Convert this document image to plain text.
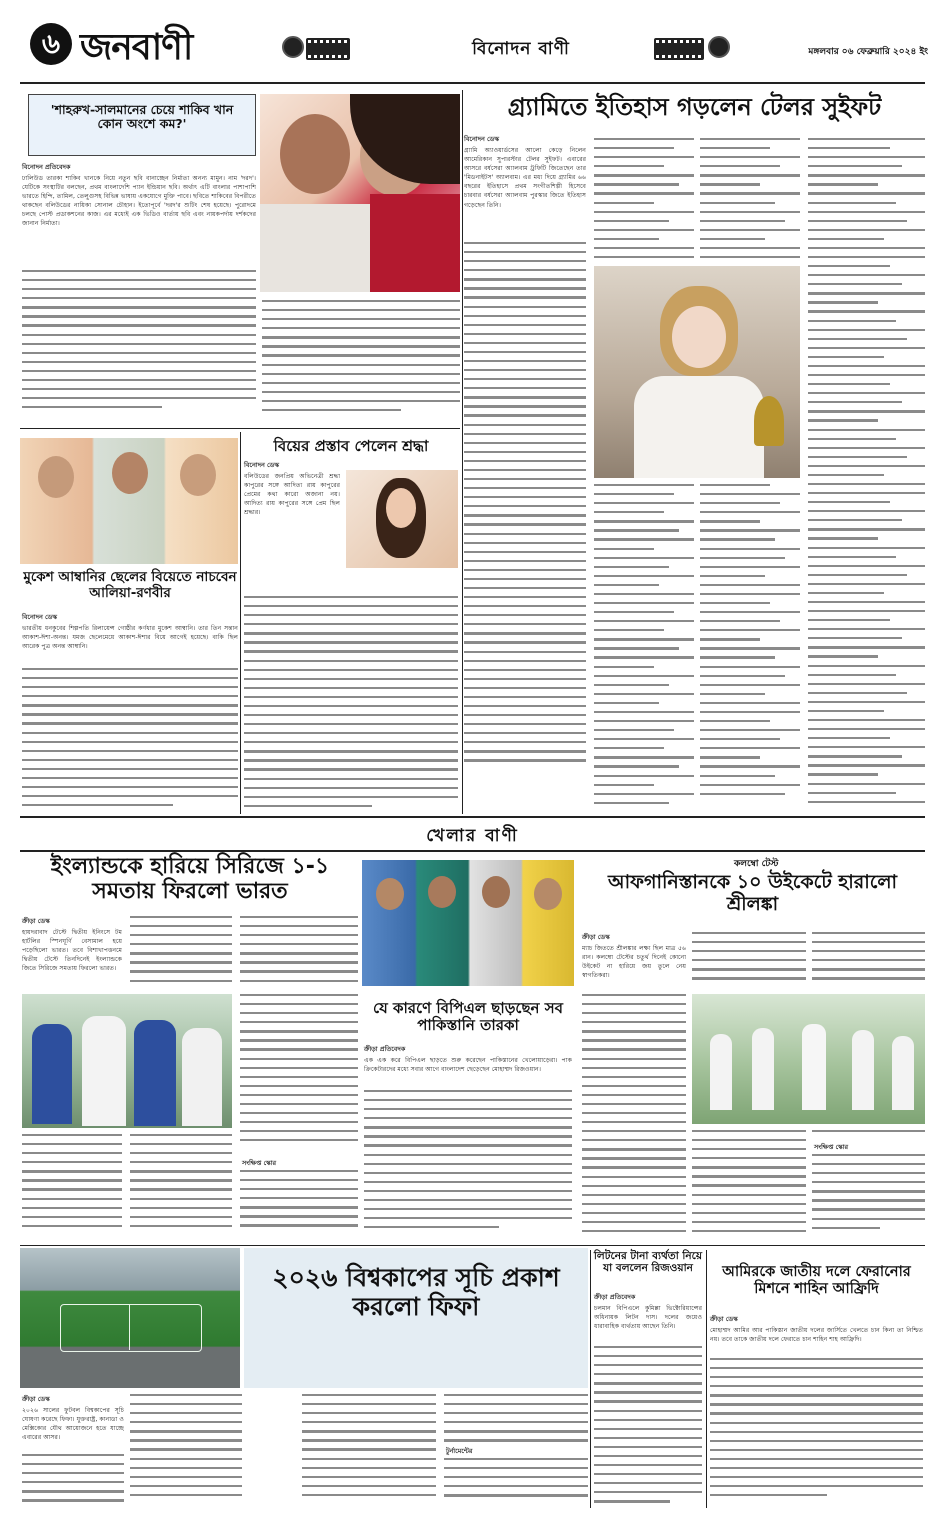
৬ জনবাণী	বিনোদন বাণী	মঙ্গলবার ০৬ ফেব্রুয়ারি ২০২৪ ইং
'শাহরুখ-সালমানের চেয়ে শাকিব খান কোন অংশে কম?'
বিনোদন প্রতিবেদক

ঢালিউড তারকা শাকিব খানকে নিয়ে নতুন ছবি বানাচ্ছেন নির্মাতা অনন্য মামুন। নাম 'দরদ'। যেটিকে সংস্থাটির বলছেন, প্রথম বাংলাদেশি প্যান ইন্ডিয়ান ছবি। অর্থাৎ এটি বাংলার পাশাপাশি ভারতে হিন্দি, তামিল, তেলুগুসহ বিভিন্ন ভাষায় একযোগে মুক্তি পাবে। ছবিতে শাকিবের বিপরীতে থাকছেন বলিউডের নায়িকা সোনাল চৌহান। ইতোপূর্বে 'দরদ'র শুটিং শেষ হয়েছে। পুরোদমে চলছে পোস্ট প্রডাকশনের কাজ। এর মধ্যেই এক ভিডিও বার্তায় ছবি এবং নায়কপর্দায় দর্শকদের জানান নির্মাতা।

গ্র্যামিতে ইতিহাস গড়লেন টেলর সুইফট
বিনোদন ডেস্ক

গ্র্যামি অ্যাওয়ার্ডসের আলো কেড়ে নিলেন আমেরিকান সুপারস্টার টেলর সুইফট। এবারের আসরে বর্ষসেরা অ্যালবাম ট্রফিটি জিতেছেন তার 'মিডনাইটস' অ্যালবাম। এর মধ্য দিয়ে গ্র্যামির ৬৬ বছরের ইতিহাসে প্রথম সংগীতশিল্পী হিসেবে চারবার বর্ষসেরা অ্যালবাম পুরস্কার জিতে ইতিহাস গড়েছেন তিনি।

বিয়ের প্রস্তাব পেলেন শ্রদ্ধা
বিনোদন ডেস্ক

বলিউডের জনপ্রিয় অভিনেত্রী শ্রদ্ধা কাপুরের সঙ্গে আদিত্য রায় কাপুরের প্রেমের কথা কারো অজানা নয়। আদিত্য রায় কাপুরের সঙ্গে প্রেম ছিল শ্রদ্ধার।

মুকেশ আম্বানির ছেলের বিয়েতে নাচবেন আলিয়া-রণবীর
বিনোদন ডেস্ক

ভারতীয় ধনকুবের শিল্পপতি রিলায়েন্স গোষ্ঠীর কর্ণধার মুকেশ আম্বানি। তার তিন সন্তান আকাশ-ঈশা-অনন্ত। যমজ ছেলেমেয়ে আকাশ-ঈশার বিয়ে আগেই হয়েছে। বাকি ছিল আরেক পুত্র অনন্ত আম্বানি।

খেলার বাণী
ইংল্যান্ডকে হারিয়ে সিরিজে ১-১ সমতায় ফিরলো ভারত
ক্রীড়া ডেস্ক

হায়দরাবাদ টেস্টে দ্বিতীয় ইনিংসে টম হার্টলির স্পিনঘূর্ণি বেসামাল হয়ে পড়েছিলো ভারত। তবে বিশাখাপত্তনমে দ্বিতীয় টেস্টে তিনদিনেই ইংল্যান্ডকে জিতে সিরিজে সমতায় ফিরলো ভারত।

সংক্ষিপ্ত স্কোর
যে কারণে বিপিএল ছাড়ছেন সব পাকিস্তানি তারকা
ক্রীড়া প্রতিবেদক

এক এক করে বিপিএল ছাড়তে শুরু করেছেন পাকিস্তানের খেলোয়াড়েরা। পাক ক্রিকেটারদের মধ্যে সবার আগে বাংলাদেশ ছেড়েছেন মোহাম্মদ রিজওয়ান।

কলম্বো টেস্ট
আফগানিস্তানকে ১০ উইকেটে হারালো শ্রীলঙ্কা
ক্রীড়া ডেস্ক

ম্যাচ জিততে শ্রীলঙ্কার লক্ষ্য ছিল মাত্র ৫৬ রান। কলম্বো টেস্টের চতুর্থ দিনেই কোনো উইকেট না হারিয়ে জয় তুলে নেয় স্বাগতিকরা।

সংক্ষিপ্ত স্কোর
২০২৬ বিশ্বকাপের সূচি প্রকাশ করলো ফিফা
ক্রীড়া ডেস্ক

২০২৬ সালের ফুটবল বিশ্বকাপের সূচি ঘোষণা করেছে ফিফা। যুক্তরাষ্ট্র, কানাডা ও মেক্সিকোর যৌথ আয়োজনে হতে যাচ্ছে এবারের আসর।

টুর্নামেন্টের
লিটনের টানা ব্যর্থতা নিয়ে যা বললেন রিজওয়ান
ক্রীড়া প্রতিবেদক

চলমান বিপিএলে কুমিল্লা ভিক্টোরিয়ান্সের অধিনায়ক লিটন দাস। দলের জয়েও ধারাবাহিক ব্যর্থতায় আছেন তিনি।

আমিরকে জাতীয় দলে ফেরানোর মিশনে শাহিন আফ্রিদি
ক্রীড়া ডেস্ক

মোহাম্মদ আমির আর পাকিস্তান জাতীয় দলের জার্সিতে খেলতে চান কিনা তা নিশ্চিত নয়। তবে তাকে জাতীয় দলে ফেরাতে চান শাহিন শাহ আফ্রিদি।
